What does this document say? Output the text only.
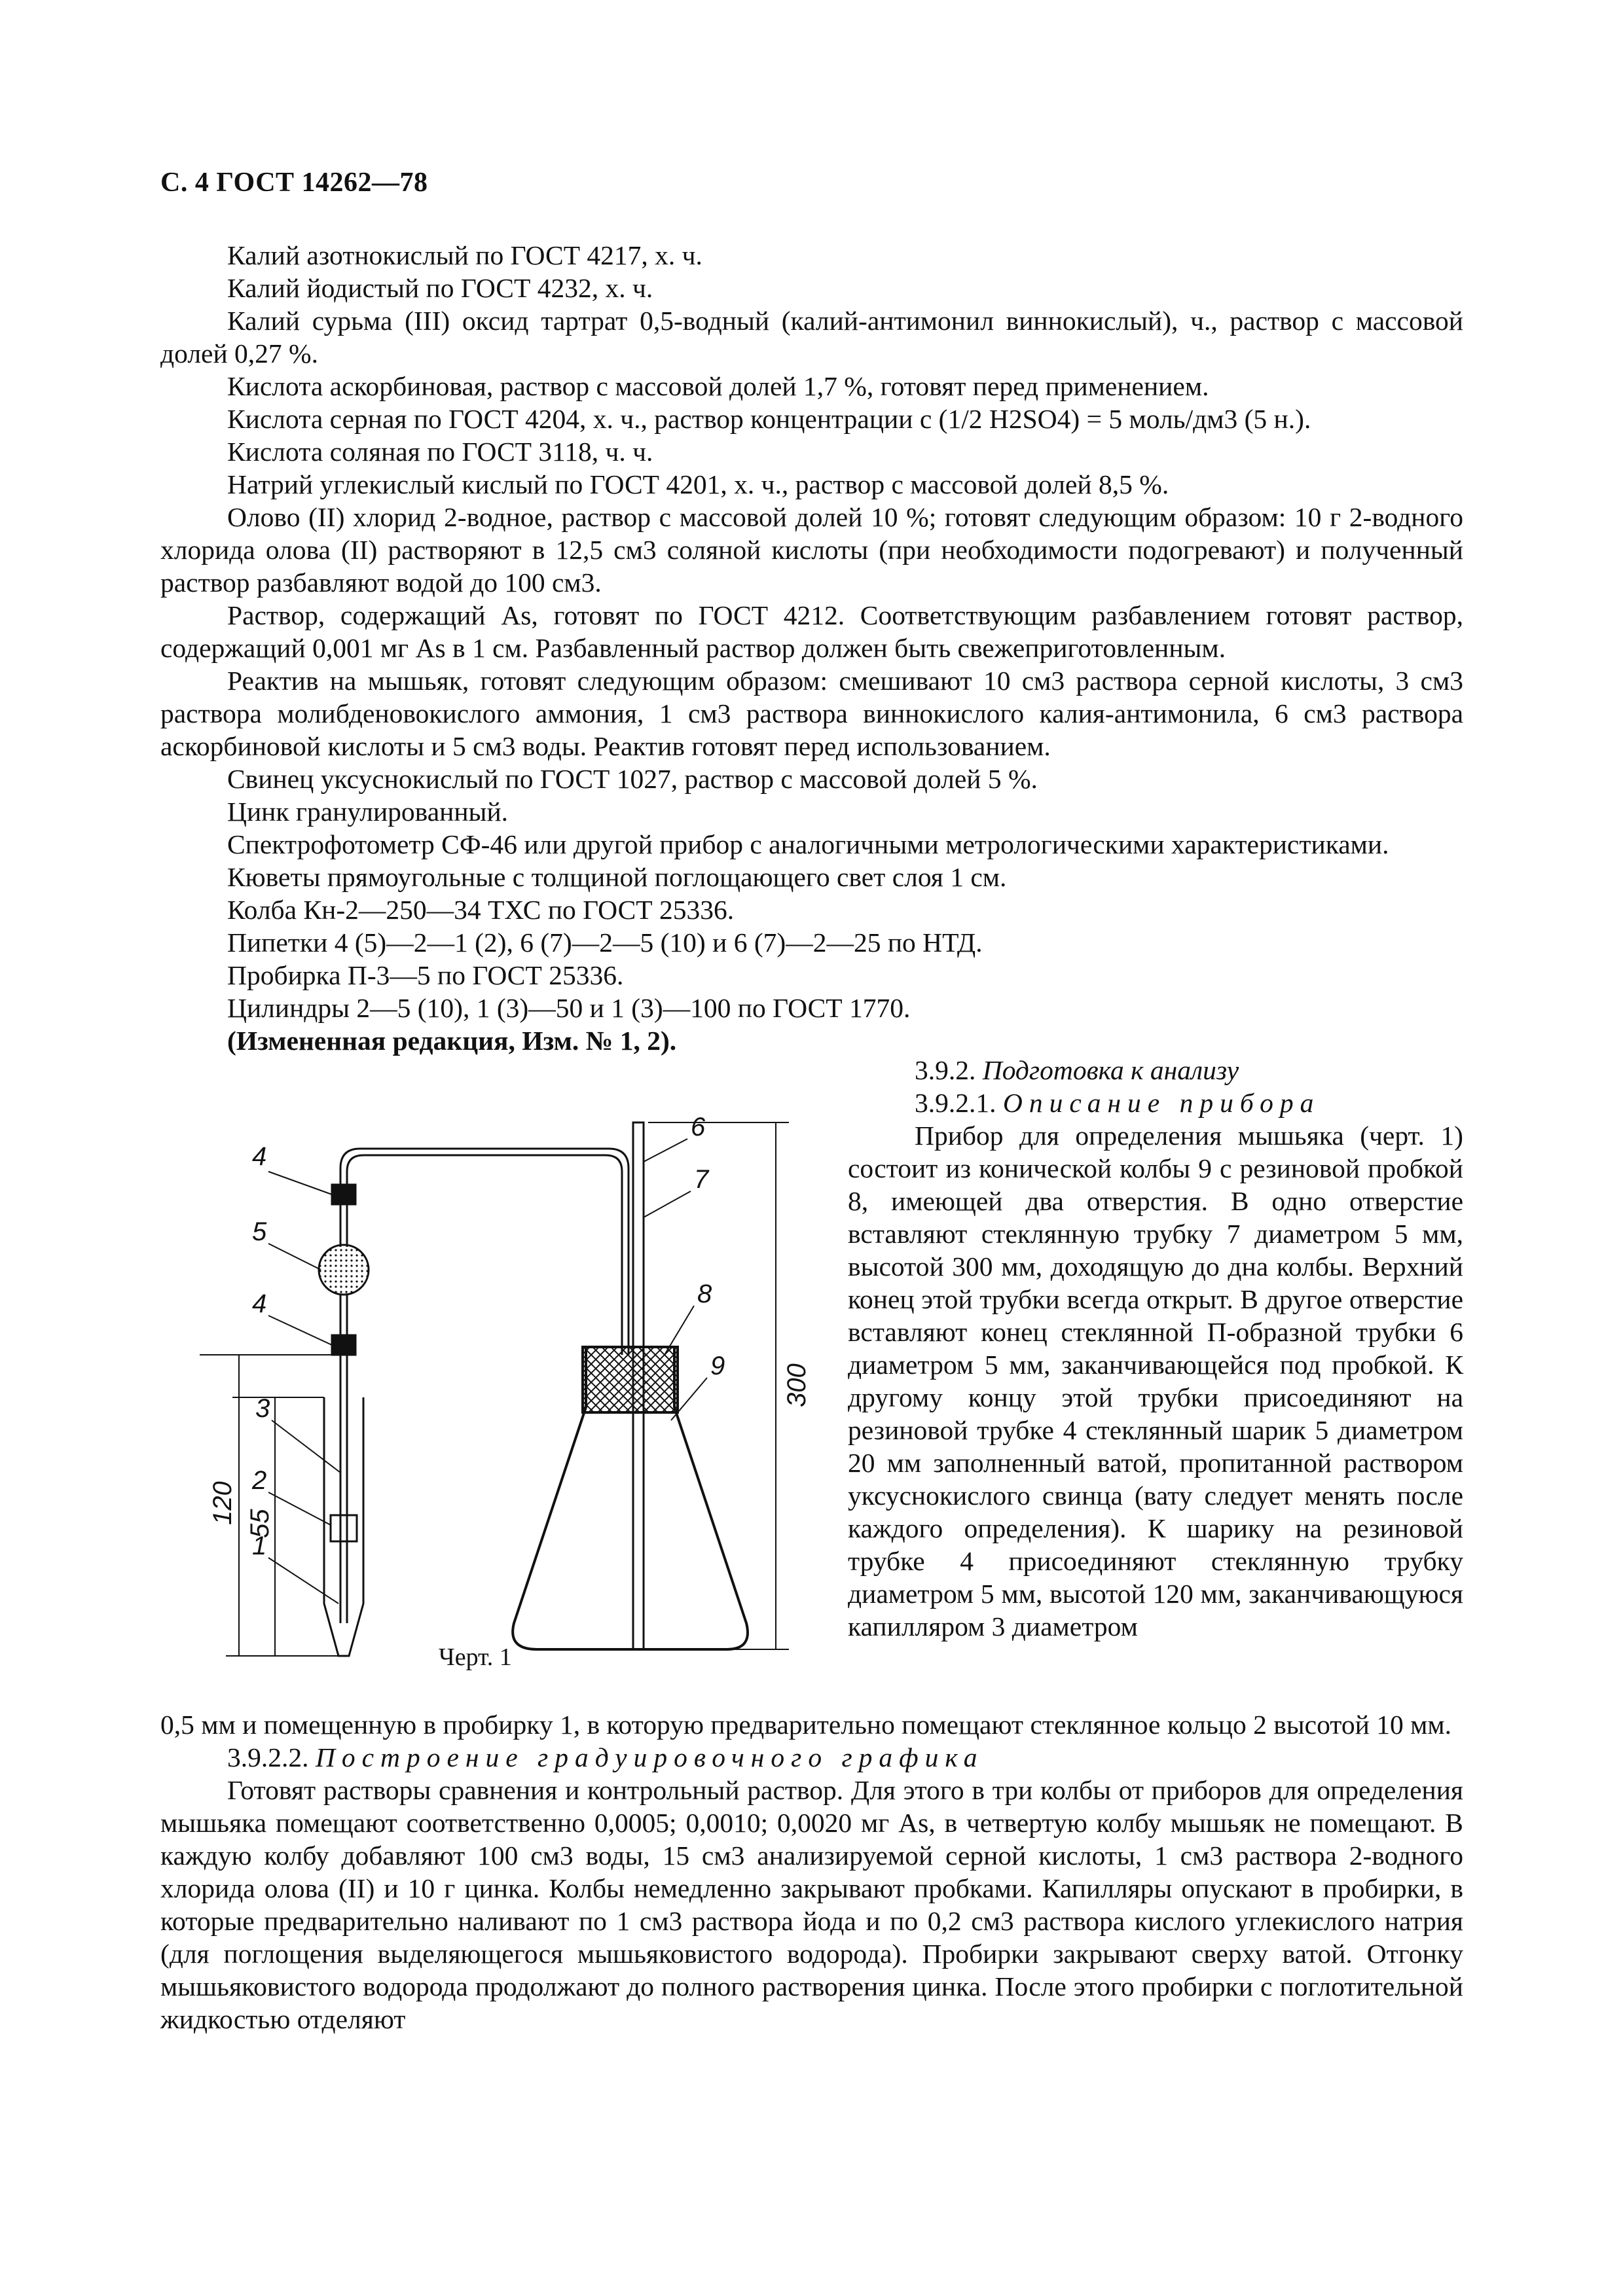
С. 4 ГОСТ 14262—78

Калий азотнокислый по ГОСТ 4217, х. ч.

Калий йодистый по ГОСТ 4232, х. ч.

Калий сурьма (III) оксид тартрат 0,5-водный (калий-антимонил виннокислый), ч., раствор с массовой долей 0,27 %.

Кислота аскорбиновая, раствор с массовой долей 1,7 %, готовят перед применением.

Кислота серная по ГОСТ 4204, х. ч., раствор концентрации c (1/2 H2SO4) = 5 моль/дм3 (5 н.).

Кислота соляная по ГОСТ 3118, ч. ч.

Натрий углекислый кислый по ГОСТ 4201, х. ч., раствор с массовой долей 8,5 %.

Олово (II) хлорид 2-водное, раствор с массовой долей 10 %; готовят следующим образом: 10 г 2-водного хлорида олова (II) растворяют в 12,5 см3 соляной кислоты (при необходимости подогревают) и полученный раствор разбавляют водой до 100 см3.

Раствор, содержащий As, готовят по ГОСТ 4212. Соответствующим разбавлением готовят раствор, содержащий 0,001 мг As в 1 см. Разбавленный раствор должен быть свежеприготовленным.

Реактив на мышьяк, готовят следующим образом: смешивают 10 см3 раствора серной кислоты, 3 см3 раствора молибденовокислого аммония, 1 см3 раствора виннокислого калия-антимонила, 6 см3 раствора аскорбиновой кислоты и 5 см3 воды. Реактив готовят перед использованием.

Свинец уксуснокислый по ГОСТ 1027, раствор с массовой долей 5 %.

Цинк гранулированный.

Спектрофотометр СФ-46 или другой прибор с аналогичными метрологическими характеристиками.

Кюветы прямоугольные с толщиной поглощающего свет слоя 1 см.

Колба Кн-2—250—34 ТХС по ГОСТ 25336.

Пипетки 4 (5)—2—1 (2), 6 (7)—2—5 (10) и 6 (7)—2—25 по НТД.

Пробирка П-3—5 по ГОСТ 25336.

Цилиндры 2—5 (10), 1 (3)—50 и 1 (3)—100 по ГОСТ 1770.

(Измененная редакция, Изм. № 1, 2).

3.9.2. Подготовка к анализу

3.9.2.1. Описание прибора

Прибор для определения мышьяка (черт. 1) состоит из конической колбы 9 с резиновой пробкой 8, имеющей два отверстия. В одно отверстие вставляют стеклянную трубку 7 диаметром 5 мм, высотой 300 мм, доходящую до дна колбы. Верхний конец этой трубки всегда открыт. В другое отверстие вставляют конец стеклянной П-образной трубки 6 диаметром 5 мм, заканчивающейся под пробкой. К другому концу этой трубки присоединяют на резиновой трубке 4 стеклянный шарик 5 диаметром 20 мм заполненный ватой, пропитанной раствором уксуснокислого свинца (вату следует менять после каждого определения). К шарику на резиновой трубке 4 присоединяют стеклянную трубку диаметром 5 мм, высотой 120 мм, заканчивающуюся капилляром 3 диаметром

4
5
4
3
2
1
6
7
8
9
120 55
300
Черт. 1

0,5 мм и помещенную в пробирку 1, в которую предварительно помещают стеклянное кольцо 2 высотой 10 мм.

3.9.2.2. Построение градуировочного графика

Готовят растворы сравнения и контрольный раствор. Для этого в три колбы от приборов для определения мышьяка помещают соответственно 0,0005; 0,0010; 0,0020 мг As, в четвертую колбу мышьяк не помещают. В каждую колбу добавляют 100 см3 воды, 15 см3 анализируемой серной кислоты, 1 см3 раствора 2-водного хлорида олова (II) и 10 г цинка. Колбы немедленно закрывают пробками. Капилляры опускают в пробирки, в которые предварительно наливают по 1 см3 раствора йода и по 0,2 см3 раствора кислого углекислого натрия (для поглощения выделяющегося мышьяковистого водорода). Пробирки закрывают сверху ватой. Отгонку мышьяковистого водорода продолжают до полного растворения цинка. После этого пробирки с поглотительной жидкостью отделяют
